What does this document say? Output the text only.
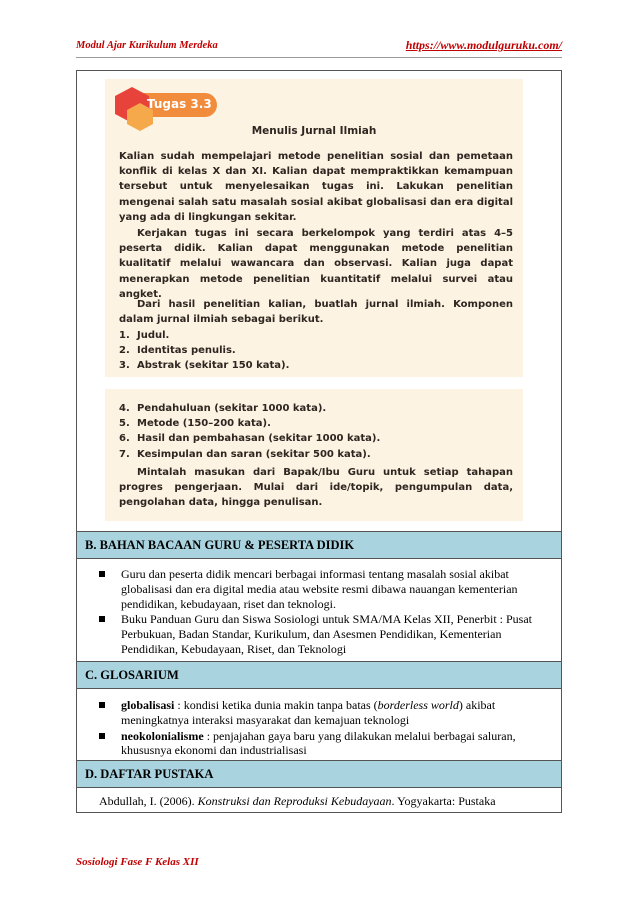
Modul Ajar Kurikulum Merdeka	https://www.modulguruku.com/
Tugas 3.3
Menulis Jurnal Ilmiah

Kalian sudah mempelajari metode penelitian sosial dan pemetaan konflik di kelas X dan XI. Kalian dapat mempraktikkan kemampuan tersebut untuk menyelesaikan tugas ini. Lakukan penelitian mengenai salah satu masalah sosial akibat globalisasi dan era digital yang ada di lingkungan sekitar.

Kerjakan tugas ini secara berkelompok yang terdiri atas 4–5 peserta didik. Kalian dapat menggunakan metode penelitian kualitatif melalui wawancara dan observasi. Kalian juga dapat menerapkan metode penelitian kuantitatif melalui survei atau angket.

Dari hasil penelitian kalian, buatlah jurnal ilmiah. Komponen dalam jurnal ilmiah sebagai berikut.

1. Judul.
2. Identitas penulis.
3. Abstrak (sekitar 150 kata).
4. Pendahuluan (sekitar 1000 kata).
5. Metode (150–200 kata).
6. Hasil dan pembahasan (sekitar 1000 kata).
7. Kesimpulan dan saran (sekitar 500 kata).

Mintalah masukan dari Bapak/Ibu Guru untuk setiap tahapan progres pengerjaan. Mulai dari ide/topik, pengumpulan data, pengolahan data, hingga penulisan.

B. BAHAN BACAAN GURU & PESERTA DIDIK
Guru dan peserta didik mencari berbagai informasi tentang masalah sosial akibat globalisasi dan era digital media atau website resmi dibawa nauangan kementerian pendidikan, kebudayaan, riset dan teknologi.
Buku Panduan Guru dan Siswa Sosiologi untuk SMA/MA Kelas XII, Penerbit : Pusat Perbukuan, Badan Standar, Kurikulum, dan Asesmen Pendidikan, Kementerian Pendidikan, Kebudayaan, Riset, dan Teknologi
C. GLOSARIUM
globalisasi : kondisi ketika dunia makin tanpa batas (borderless world) akibat meningkatnya interaksi masyarakat dan kemajuan teknologi
neokolonialisme : penjajahan gaya baru yang dilakukan melalui berbagai saluran, khususnya ekonomi dan industrialisasi
D. DAFTAR PUSTAKA
Abdullah, I. (2006). Konstruksi dan Reproduksi Kebudayaan. Yogyakarta: Pustaka
Sosiologi Fase F Kelas XII
